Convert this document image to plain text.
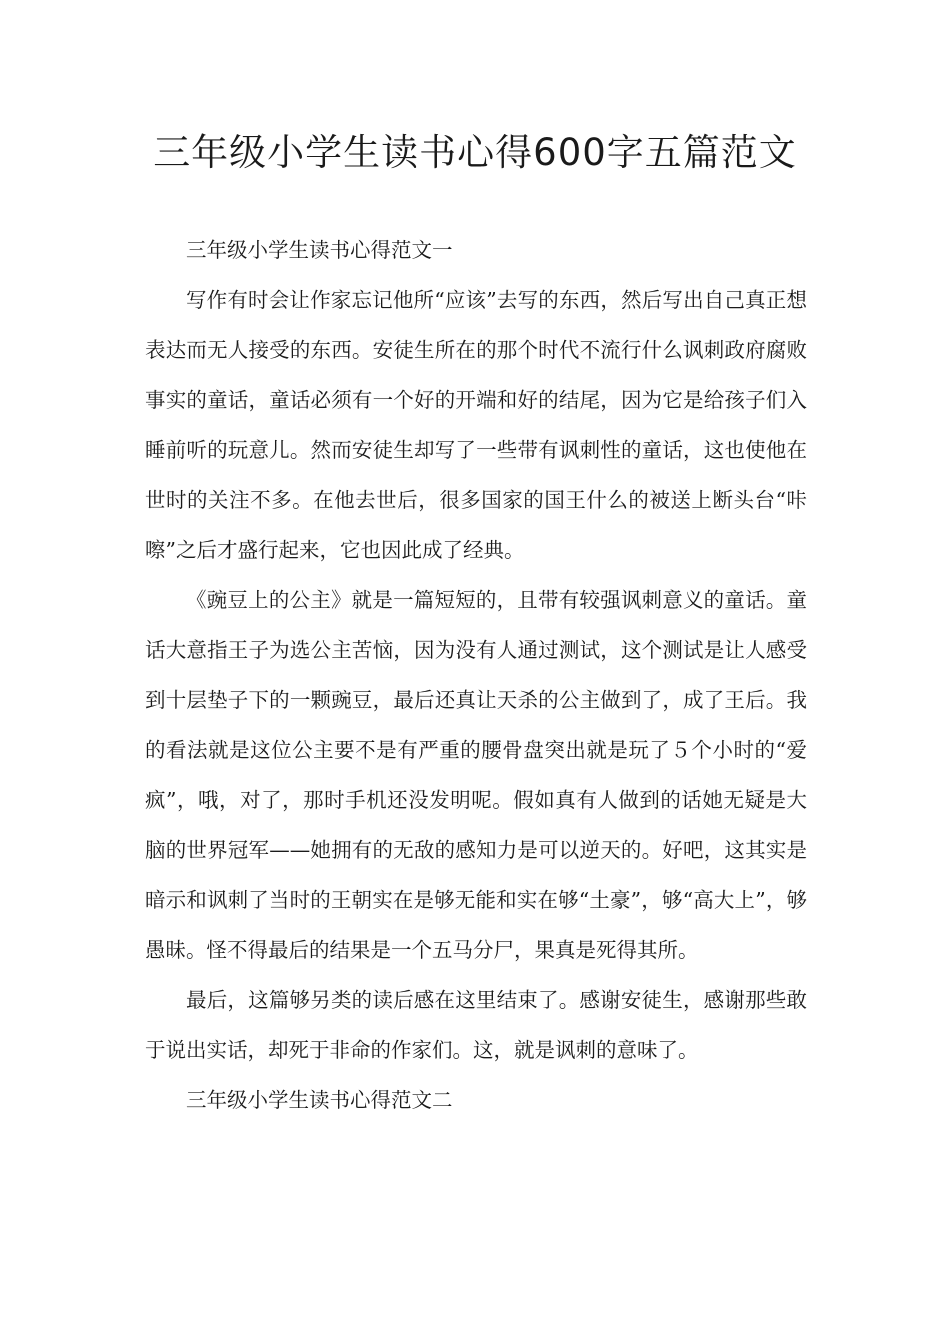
三年级小学生读书心得600字五篇范文

三年级小学生读书心得范文一

写作有时会让作家忘记他所“应该”去写的东西，然后写出自己真正想表达而无人接受的东西。安徒生所在的那个时代不流行什么讽刺政府腐败事实的童话，童话必须有一个好的开端和好的结尾，因为它是给孩子们入睡前听的玩意儿。然而安徒生却写了一些带有讽刺性的童话，这也使他在世时的关注不多。在他去世后，很多国家的国王什么的被送上断头台“咔嚓”之后才盛行起来，它也因此成了经典。

《豌豆上的公主》就是一篇短短的，且带有较强讽刺意义的童话。童话大意指王子为选公主苦恼，因为没有人通过测试，这个测试是让人感受到十层垫子下的一颗豌豆，最后还真让天杀的公主做到了，成了王后。我的看法就是这位公主要不是有严重的腰骨盘突出就是玩了５个小时的“爱疯”，哦，对了，那时手机还没发明呢。假如真有人做到的话她无疑是大脑的世界冠军——她拥有的无敌的感知力是可以逆天的。好吧，这其实是暗示和讽刺了当时的王朝实在是够无能和实在够“土豪”，够“高大上”，够愚昧。怪不得最后的结果是一个五马分尸，果真是死得其所。

最后，这篇够另类的读后感在这里结束了。感谢安徒生，感谢那些敢于说出实话，却死于非命的作家们。这，就是讽刺的意味了。

三年级小学生读书心得范文二
